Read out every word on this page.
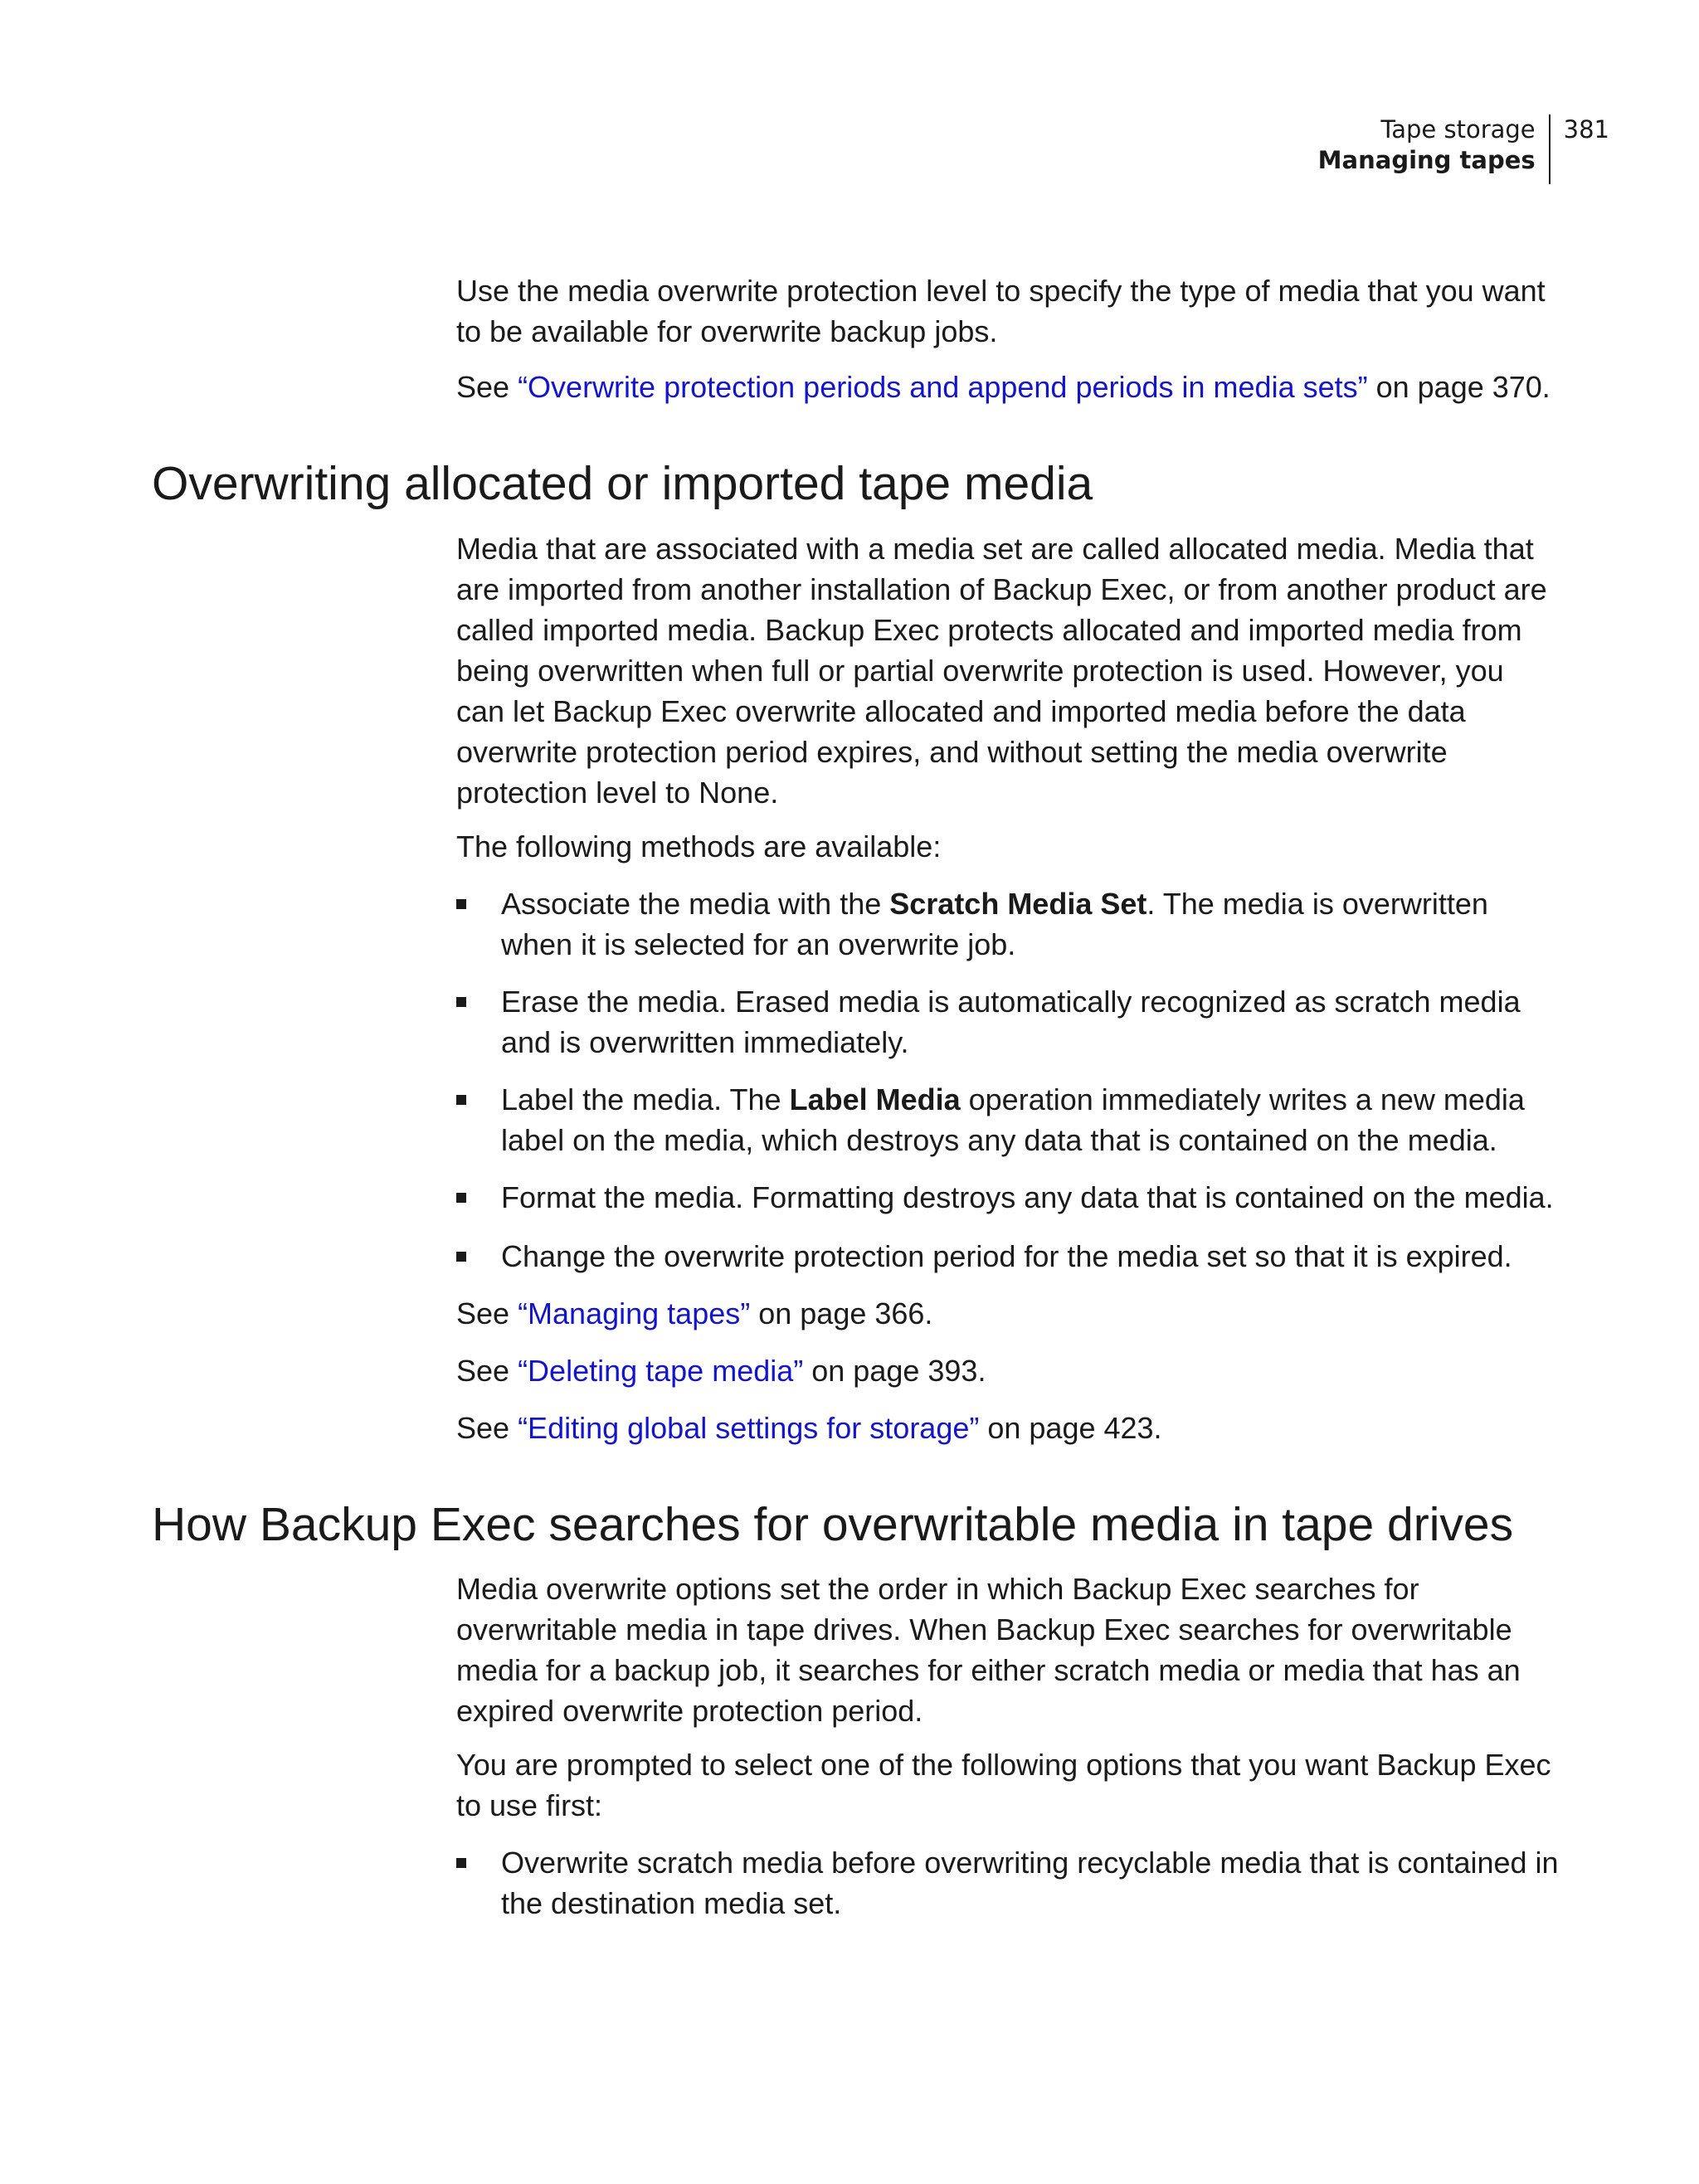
Tape storage
Managing tapes
381

Use the media overwrite protection level to specify the type of media that you want to be available for overwrite backup jobs.

See “Overwrite protection periods and append periods in media sets” on page 370.

Overwriting allocated or imported tape media

Media that are associated with a media set are called allocated media. Media that are imported from another installation of Backup Exec, or from another product are called imported media. Backup Exec protects allocated and imported media from being overwritten when full or partial overwrite protection is used. However, you can let Backup Exec overwrite allocated and imported media before the data overwrite protection period expires, and without setting the media overwrite protection level to None.

The following methods are available:

Associate the media with the Scratch Media Set. The media is overwritten when it is selected for an overwrite job.
Erase the media. Erased media is automatically recognized as scratch media and is overwritten immediately.
Label the media. The Label Media operation immediately writes a new media label on the media, which destroys any data that is contained on the media.
Format the media. Formatting destroys any data that is contained on the media.
Change the overwrite protection period for the media set so that it is expired.

See “Managing tapes” on page 366.

See “Deleting tape media” on page 393.

See “Editing global settings for storage” on page 423.

How Backup Exec searches for overwritable media in tape drives

Media overwrite options set the order in which Backup Exec searches for overwritable media in tape drives. When Backup Exec searches for overwritable media for a backup job, it searches for either scratch media or media that has an expired overwrite protection period.

You are prompted to select one of the following options that you want Backup Exec to use first:

Overwrite scratch media before overwriting recyclable media that is contained in the destination media set.
